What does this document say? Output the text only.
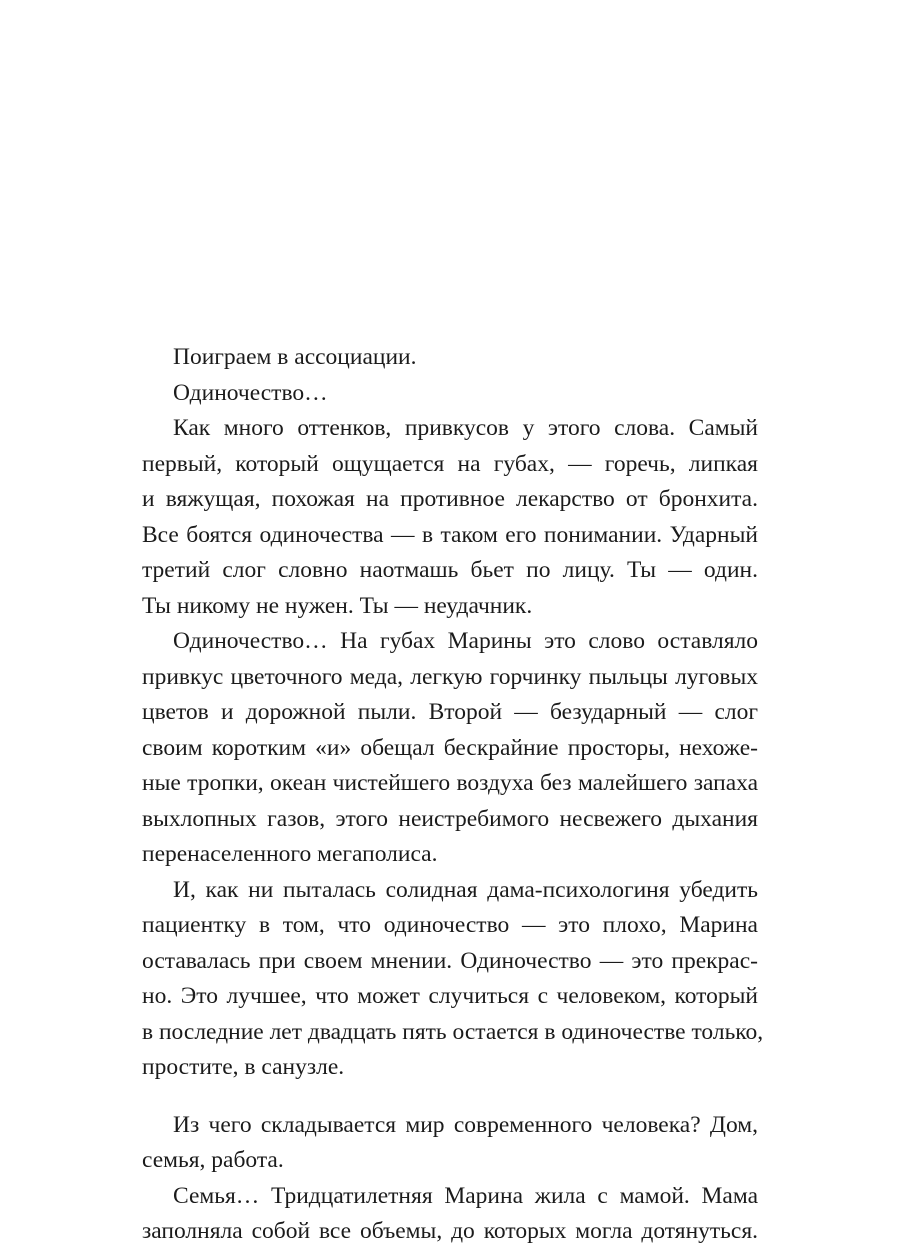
Поиграем в ассоциации.
Одиночество…
Как много оттенков, привкусов у этого слова. Самый
первый, который ощущается на губах, — горечь, липкая
и вяжущая, похожая на противное лекарство от бронхита.
Все боятся одиночества — в таком его понимании. Ударный
третий слог словно наотмашь бьет по лицу. Ты — один.
Ты никому не нужен. Ты — неудачник.
Одиночество… На губах Марины это слово оставляло
привкус цветочного меда, легкую горчинку пыльцы луговых
цветов и дорожной пыли. Второй — безударный — слог
своим коротким «и» обещал бескрайние просторы, нехоже-
ные тропки, океан чистейшего воздуха без малейшего запаха
выхлопных газов, этого неистребимого несвежего дыхания
перенаселенного мегаполиса.
И, как ни пыталась солидная дама-психологиня убедить
пациентку в том, что одиночество — это плохо, Марина
оставалась при своем мнении. Одиночество — это прекрас-
но. Это лучшее, что может случиться с человеком, который
в последние лет двадцать пять остается в одиночестве только,
простите, в санузле.
Из чего складывается мир современного человека? Дом,
семья, работа.
Семья… Тридцатилетняя Марина жила с мамой. Мама
заполняла собой все объемы, до которых могла дотянуться.
